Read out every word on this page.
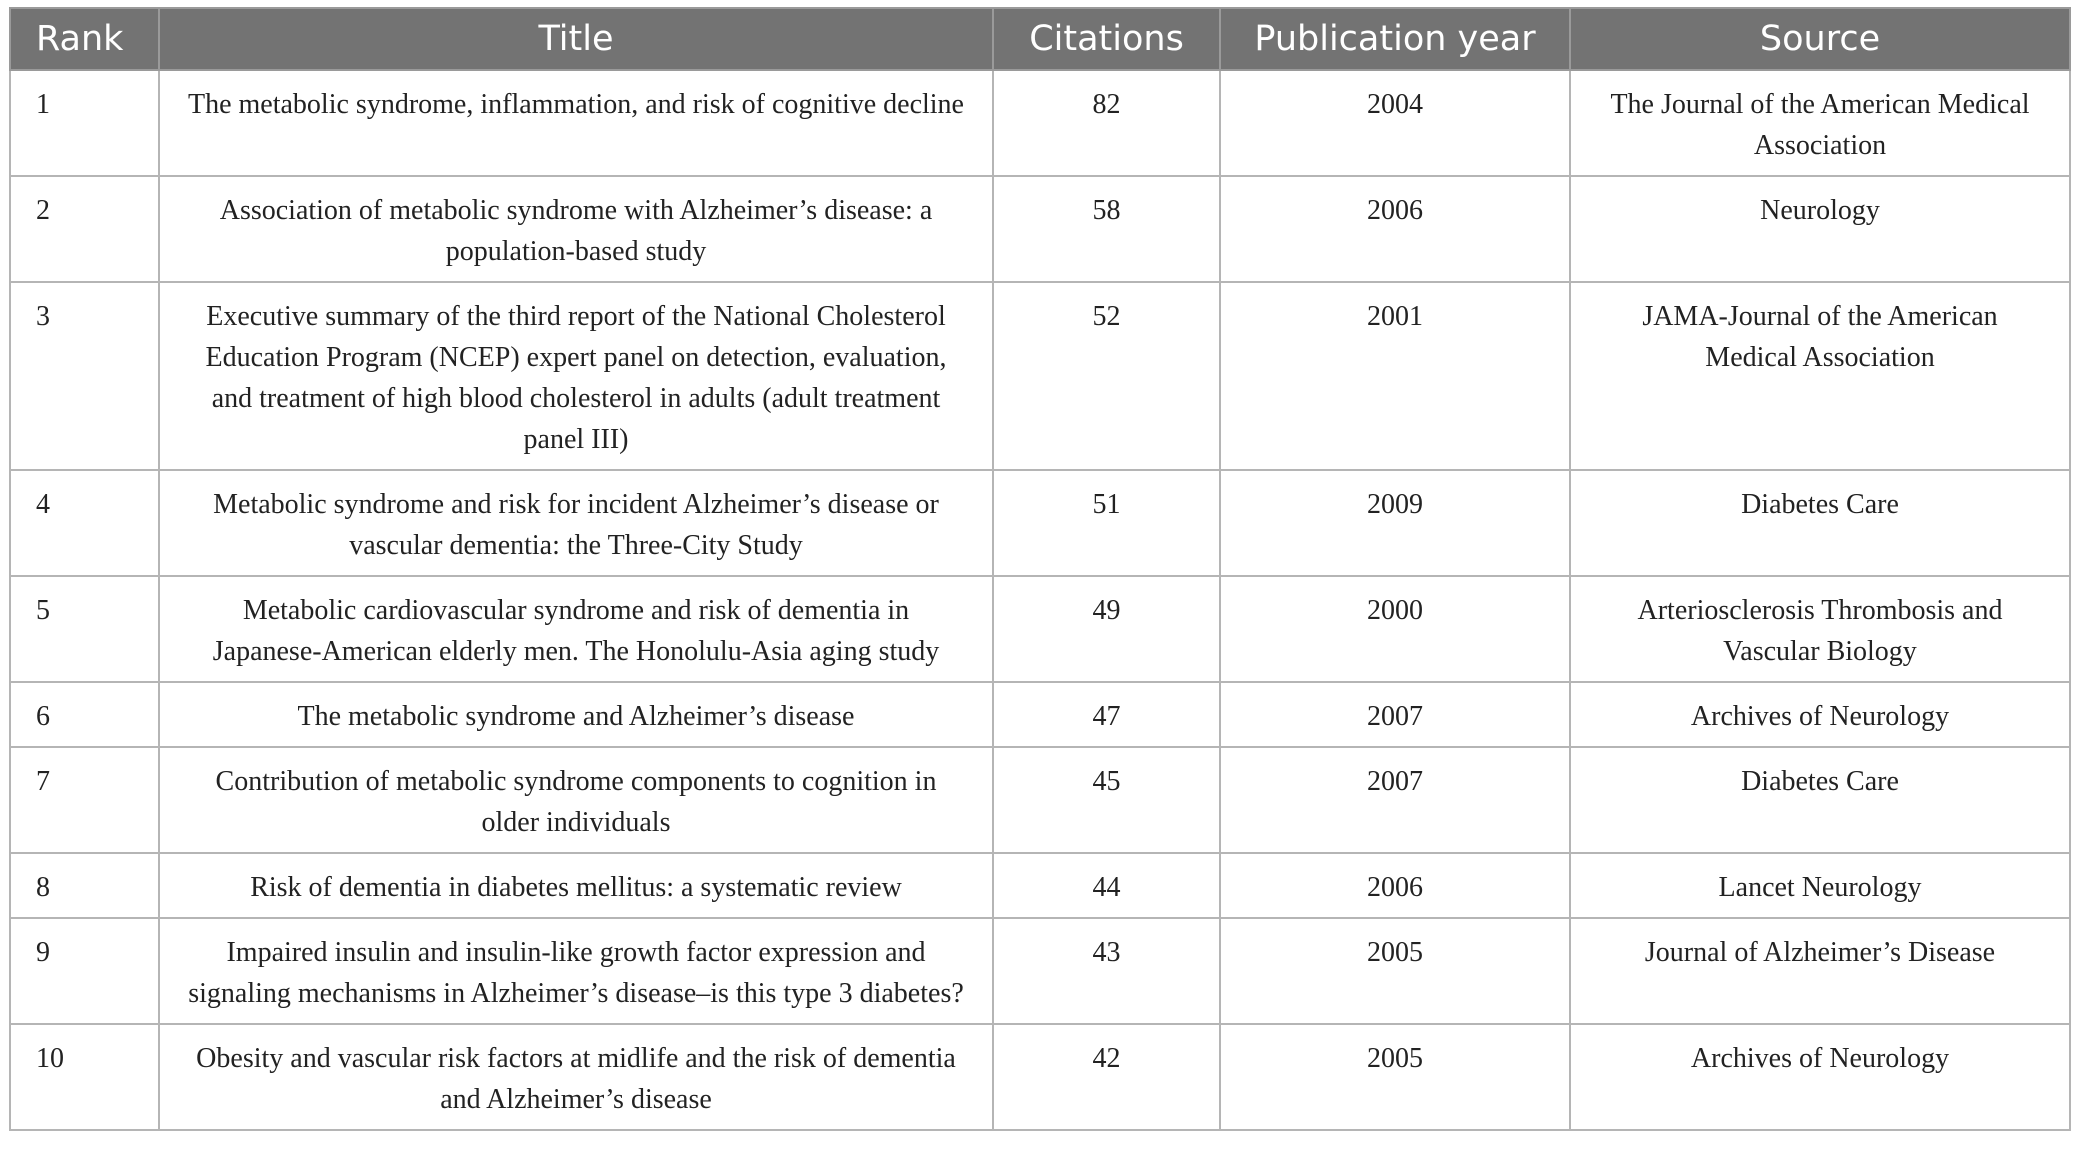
Rank	Title	Citations	Publication year	Source
1	The metabolic syndrome, inflammation, and risk of cognitive decline	82	2004	The Journal of the American Medical Association
2	Association of metabolic syndrome with Alzheimer’s disease: a population-based study	58	2006	Neurology
3	Executive summary of the third report of the National Cholesterol Education Program (NCEP) expert panel on detection, evaluation, and treatment of high blood cholesterol in adults (adult treatment panel III)	52	2001	JAMA-Journal of the American Medical Association
4	Metabolic syndrome and risk for incident Alzheimer’s disease or vascular dementia: the Three-City Study	51	2009	Diabetes Care
5	Metabolic cardiovascular syndrome and risk of dementia in Japanese-American elderly men. The Honolulu-Asia aging study	49	2000	Arteriosclerosis Thrombosis and Vascular Biology
6	The metabolic syndrome and Alzheimer’s disease	47	2007	Archives of Neurology
7	Contribution of metabolic syndrome components to cognition in older individuals	45	2007	Diabetes Care
8	Risk of dementia in diabetes mellitus: a systematic review	44	2006	Lancet Neurology
9	Impaired insulin and insulin-like growth factor expression and signaling mechanisms in Alzheimer’s disease–is this type 3 diabetes?	43	2005	Journal of Alzheimer’s Disease
10	Obesity and vascular risk factors at midlife and the risk of dementia and Alzheimer’s disease	42	2005	Archives of Neurology
